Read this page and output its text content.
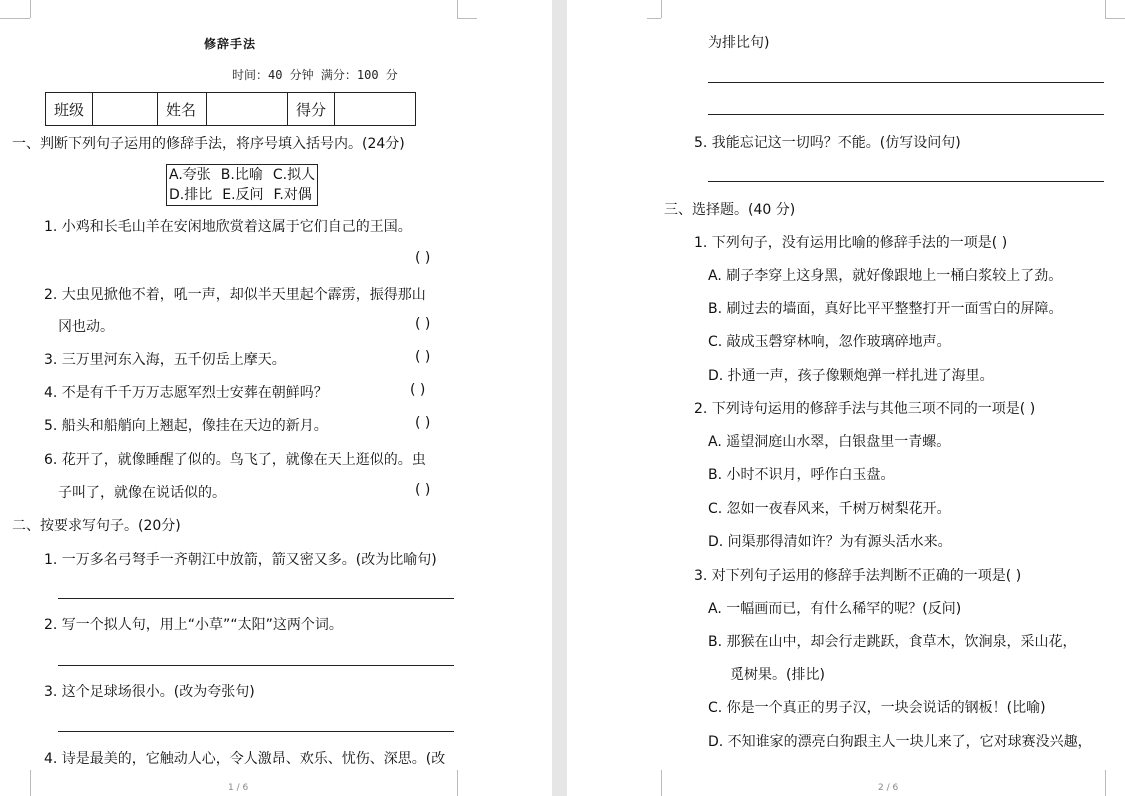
修辞手法
时间：40 分钟 满分：100 分
班级		姓名		得分	
一、判断下列句子运用的修辞手法，将序号填入括号内。(24分)
A.夸张 B.比喻 C.拟人
D.排比 E.反问 F.对偶
1. 小鸡和长毛山羊在安闲地欣赏着这属于它们自己的王国。
( )
2. 大虫见掀他不着，吼一声，却似半天里起个霹雳，振得那山
冈也动。	( )
3. 三万里河东入海，五千仞岳上摩天。	( )
4. 不是有千千万万志愿军烈士安葬在朝鲜吗？	( )
5. 船头和船艄向上翘起，像挂在天边的新月。	( )
6. 花开了，就像睡醒了似的。鸟飞了，就像在天上逛似的。虫
子叫了，就像在说话似的。	( )
二、按要求写句子。(20分)
1. 一万多名弓弩手一齐朝江中放箭，箭又密又多。(改为比喻句)
2. 写一个拟人句，用上“小草”“太阳”这两个词。
3. 这个足球场很小。(改为夸张句)
4. 诗是最美的，它触动人心，令人激昂、欢乐、忧伤、深思。(改
1 / 6
为排比句)
5. 我能忘记这一切吗？不能。(仿写设问句)
三、选择题。(40 分)
1. 下列句子，没有运用比喻的修辞手法的一项是( )
A. 刷子李穿上这身黑，就好像跟地上一桶白浆较上了劲。
B. 刷过去的墙面，真好比平平整整打开一面雪白的屏障。
C. 敲成玉磬穿林响，忽作玻璃碎地声。
D. 扑通一声，孩子像颗炮弹一样扎进了海里。
2. 下列诗句运用的修辞手法与其他三项不同的一项是( )
A. 遥望洞庭山水翠，白银盘里一青螺。
B. 小时不识月，呼作白玉盘。
C. 忽如一夜春风来，千树万树梨花开。
D. 问渠那得清如许？为有源头活水来。
3. 对下列句子运用的修辞手法判断不正确的一项是( )
A. 一幅画而已，有什么稀罕的呢？(反问)
B. 那猴在山中，却会行走跳跃，食草木，饮涧泉，采山花，
觅树果。(排比)
C. 你是一个真正的男子汉，一块会说话的钢板！(比喻)
D. 不知谁家的漂亮白狗跟主人一块儿来了，它对球赛没兴趣，
2 / 6
